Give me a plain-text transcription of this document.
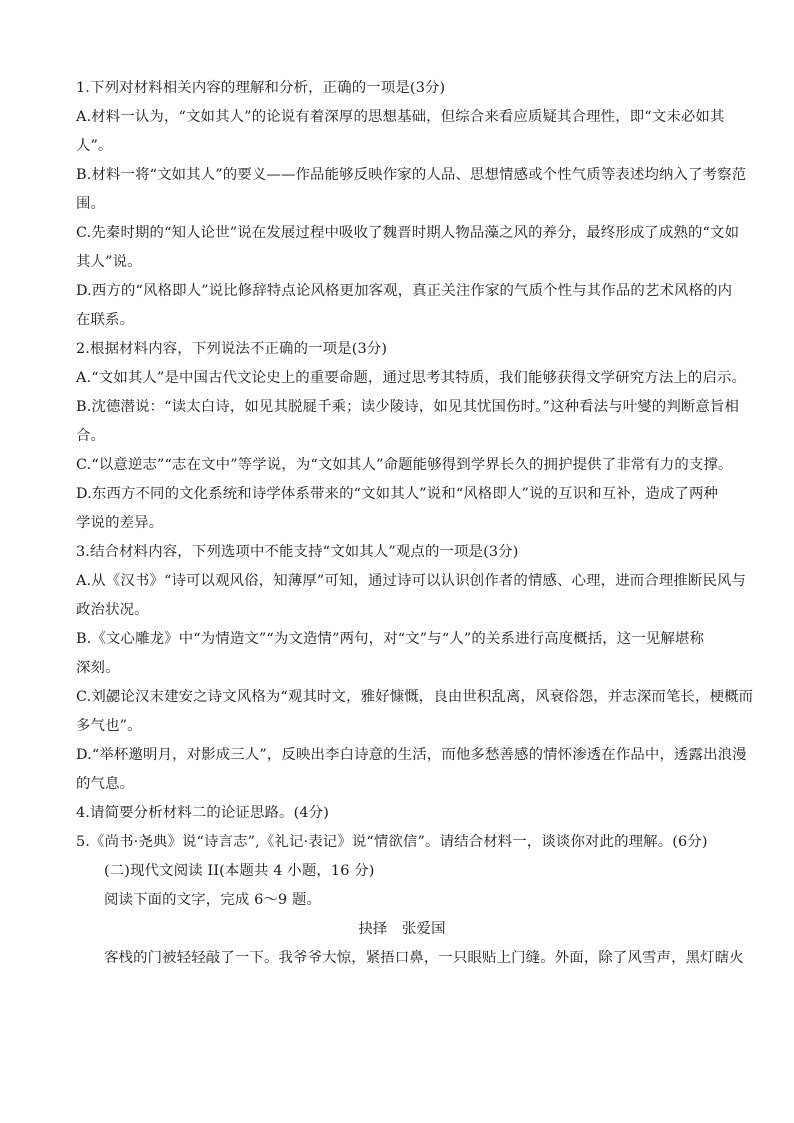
1.下列对材料相关内容的理解和分析，正确的一项是(3分)

A.材料一认为，“文如其人”的论说有着深厚的思想基础，但综合来看应质疑其合理性，即“文未必如其

人”。

B.材料一将“文如其人”的要义——作品能够反映作家的人品、思想情感或个性气质等表述均纳入了考察范

围。

C.先秦时期的“知人论世”说在发展过程中吸收了魏晋时期人物品藻之风的养分，最终形成了成熟的“文如

其人”说。

D.西方的“风格即人”说比修辞特点论风格更加客观，真正关注作家的气质个性与其作品的艺术风格的内

在联系。

2.根据材料内容，下列说法不正确的一项是(3分)

A.“文如其人”是中国古代文论史上的重要命题，通过思考其特质，我们能够获得文学研究方法上的启示。

B.沈德潜说：“读太白诗，如见其脱屣千乘；读少陵诗，如见其忧国伤时。”这种看法与叶燮的判断意旨相

合。

C.“以意逆志”“志在文中”等学说，为“文如其人”命题能够得到学界长久的拥护提供了非常有力的支撑。

D.东西方不同的文化系统和诗学体系带来的“文如其人”说和“风格即人”说的互识和互补，造成了两种

学说的差异。

3.结合材料内容，下列选项中不能支持“文如其人”观点的一项是(3分)

A.从《汉书》“诗可以观风俗，知薄厚”可知，通过诗可以认识创作者的情感、心理，进而合理推断民风与

政治状况。

B.《文心雕龙》中“为情造文”“为文造情”两句，对“文”与“人”的关系进行高度概括，这一见解堪称

深刻。

C.刘勰论汉末建安之诗文风格为“观其时文，雅好慷慨，良由世积乱离，风衰俗怨，并志深而笔长，梗概而

多气也”。

D.“举杯邀明月，对影成三人”，反映出李白诗意的生活，而他多愁善感的情怀渗透在作品中，透露出浪漫

的气息。

4.请简要分析材料二的论证思路。(4分)

5.《尚书·尧典》说“诗言志”,《礼记·表记》说“情欲信”。请结合材料一，谈谈你对此的理解。(6分)

(二)现代文阅读 II(本题共 4 小题，16 分)

阅读下面的文字，完成 6～9 题。

抉择　张爱国

客栈的门被轻轻敲了一下。我爷爷大惊，紧捂口鼻，一只眼贴上门缝。外面，除了风雪声，黑灯瞎火
